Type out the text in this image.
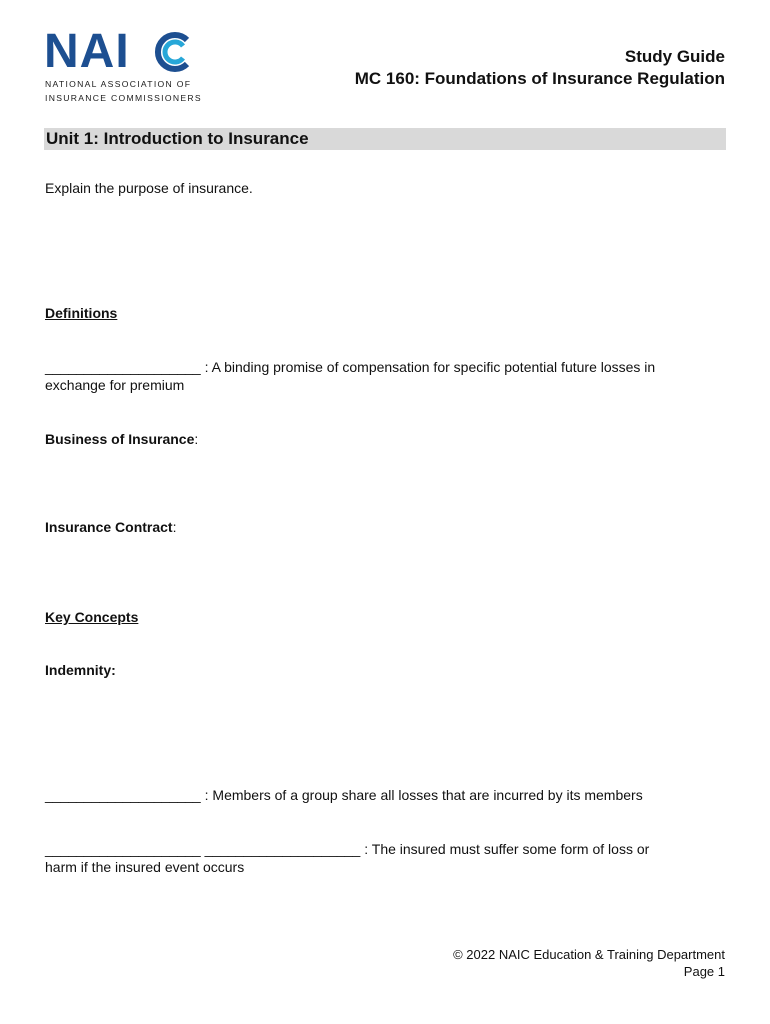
NAI
NATIONAL ASSOCIATION OF
INSURANCE COMMISSIONERS
Study Guide
MC 160: Foundations of Insurance Regulation
Unit 1: Introduction to Insurance
Explain the purpose of insurance.
Definitions
____________________ : A binding promise of compensation for specific potential future losses in
exchange for premium
Business of Insurance:
Insurance Contract:
Key Concepts
Indemnity:
____________________ : Members of a group share all losses that are incurred by its members
____________________ ____________________ : The insured must suffer some form of loss or
harm if the insured event occurs
© 2022 NAIC Education & Training Department
Page 1
